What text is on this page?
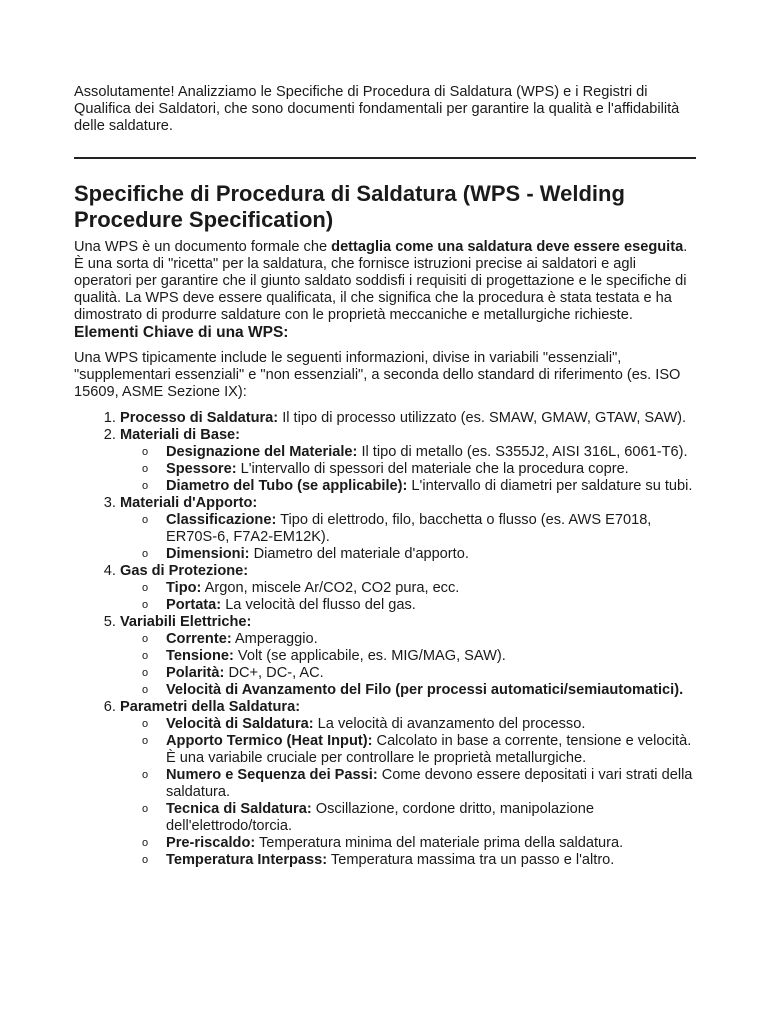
Assolutamente! Analizziamo le Specifiche di Procedura di Saldatura (WPS) e i Registri di Qualifica dei Saldatori, che sono documenti fondamentali per garantire la qualità e l'affidabilità delle saldature.

Specifiche di Procedura di Saldatura (WPS - Welding Procedure Specification)

Una WPS è un documento formale che dettaglia come una saldatura deve essere eseguita. È una sorta di "ricetta" per la saldatura, che fornisce istruzioni precise ai saldatori e agli operatori per garantire che il giunto saldato soddisfi i requisiti di progettazione e le specifiche di qualità. La WPS deve essere qualificata, il che significa che la procedura è stata testata e ha dimostrato di produrre saldature con le proprietà meccaniche e metallurgiche richieste.

Elementi Chiave di una WPS:

Una WPS tipicamente include le seguenti informazioni, divise in variabili "essenziali", "supplementari essenziali" e "non essenziali", a seconda dello standard di riferimento (es. ISO 15609, ASME Sezione IX):

1. Processo di Saldatura: Il tipo di processo utilizzato (es. SMAW, GMAW, GTAW, SAW).
2. Materiali di Base:
o Designazione del Materiale: Il tipo di metallo (es. S355J2, AISI 316L, 6061-T6).
o Spessore: L'intervallo di spessori del materiale che la procedura copre.
o Diametro del Tubo (se applicabile): L'intervallo di diametri per saldature su tubi.
3. Materiali d'Apporto:
o Classificazione: Tipo di elettrodo, filo, bacchetta o flusso (es. AWS E7018, ER70S-6, F7A2-EM12K).
o Dimensioni: Diametro del materiale d'apporto.
4. Gas di Protezione:
o Tipo: Argon, miscele Ar/CO2, CO2 pura, ecc.
o Portata: La velocità del flusso del gas.
5. Variabili Elettriche:
o Corrente: Amperaggio.
o Tensione: Volt (se applicabile, es. MIG/MAG, SAW).
o Polarità: DC+, DC-, AC.
o Velocità di Avanzamento del Filo (per processi automatici/semiautomatici).
6. Parametri della Saldatura:
o Velocità di Saldatura: La velocità di avanzamento del processo.
o Apporto Termico (Heat Input): Calcolato in base a corrente, tensione e velocità. È una variabile cruciale per controllare le proprietà metallurgiche.
o Numero e Sequenza dei Passi: Come devono essere depositati i vari strati della saldatura.
o Tecnica di Saldatura: Oscillazione, cordone dritto, manipolazione dell'elettrodo/torcia.
o Pre-riscaldo: Temperatura minima del materiale prima della saldatura.
o Temperatura Interpass: Temperatura massima tra un passo e l'altro.
